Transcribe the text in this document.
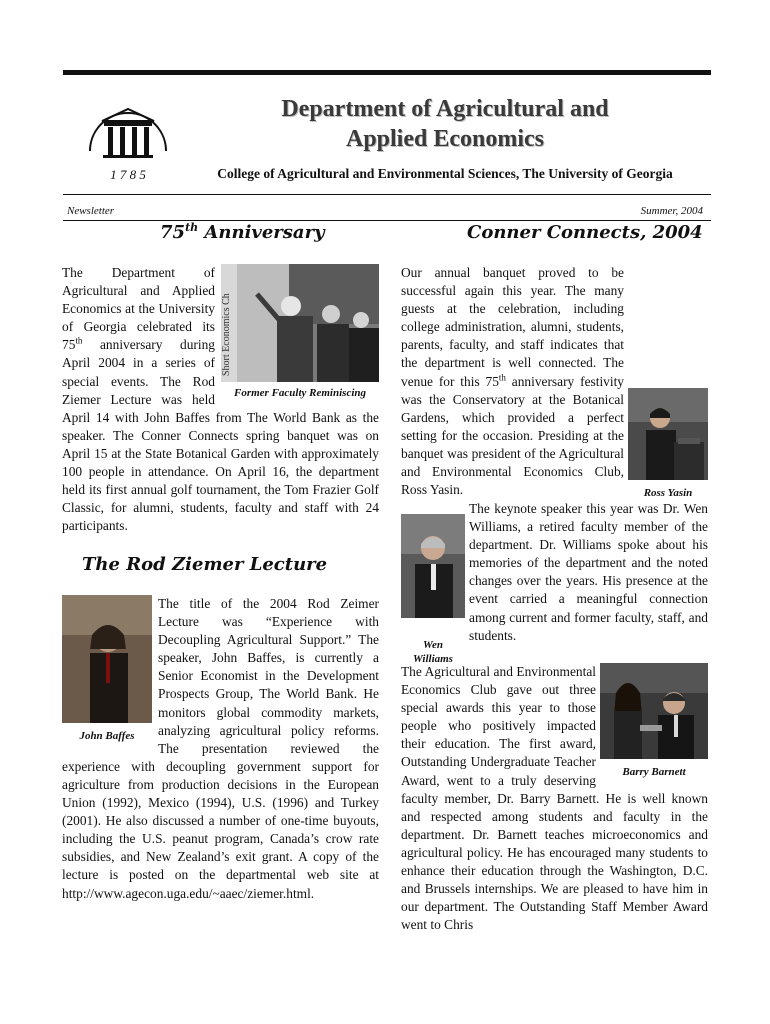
1 7 8 5
Department of Agricultural and
Applied Economics
College of Agricultural and Environmental Sciences, The University of Georgia
Newsletter	Summer, 2004
75th Anniversary
Short Economics Ch
Former Faculty Reminiscing
The Department of Agricultural and Applied Economics at the University of Georgia celebrated its 75th anniversary during April 2004 in a series of special events. The Rod Ziemer Lecture was held April 14 with John Baffes from The World Bank as the speaker. The Conner Connects spring banquet was on April 15 at the State Botanical Garden with approximately 100 people in attendance. On April 16, the department held its first annual golf tournament, the Tom Frazier Golf Classic, for alumni, students, faculty and staff with 24 participants.
The Rod Ziemer Lecture
John Baffes
The title of the 2004 Rod Zeimer Lecture was “Experience with Decoupling Agricultural Support.” The speaker, John Baffes, is currently a Senior Economist in the Development Prospects Group, The World Bank. He monitors global commodity markets, analyzing agricultural policy reforms. The presentation reviewed the experience with decoupling government support for agriculture from production decisions in the European Union (1992), Mexico (1994), U.S. (1996) and Turkey (2001). He also discussed a number of one-time buyouts, including the U.S. peanut program, Canada’s crow rate subsidies, and New Zealand’s exit grant. A copy of the lecture is posted on the departmental web site at http://www.agecon.uga.edu/~aaec/ziemer.html.
Conner Connects, 2004
Ross Yasin
Our annual banquet proved to be successful again this year. The many guests at the celebration, including college administration, alumni, students, parents, faculty, and staff indicates that the department is well connected. The venue for this 75th anniversary festivity was the Conservatory at the Botanical Gardens, which provided a perfect setting for the occasion. Presiding at the banquet was president of the Agricultural and Environmental Economics Club, Ross Yasin.
Wen
Williams
The keynote speaker this year was Dr. Wen Williams, a retired faculty member of the department. Dr. Williams spoke about his memories of the department and the noted changes over the years. His presence at the event carried a meaningful connection among current and former faculty, staff, and students.
Barry Barnett
The Agricultural and Environmental Economics Club gave out three special awards this year to those people who positively impacted their education. The first award, Outstanding Undergraduate Teacher Award, went to a truly deserving faculty member, Dr. Barry Barnett. He is well known and respected among students and faculty in the department. Dr. Barnett teaches microeconomics and agricultural policy. He has encouraged many students to enhance their education through the Washington, D.C. and Brussels internships. We are pleased to have him in our department. The Outstanding Staff Member Award went to Chris
